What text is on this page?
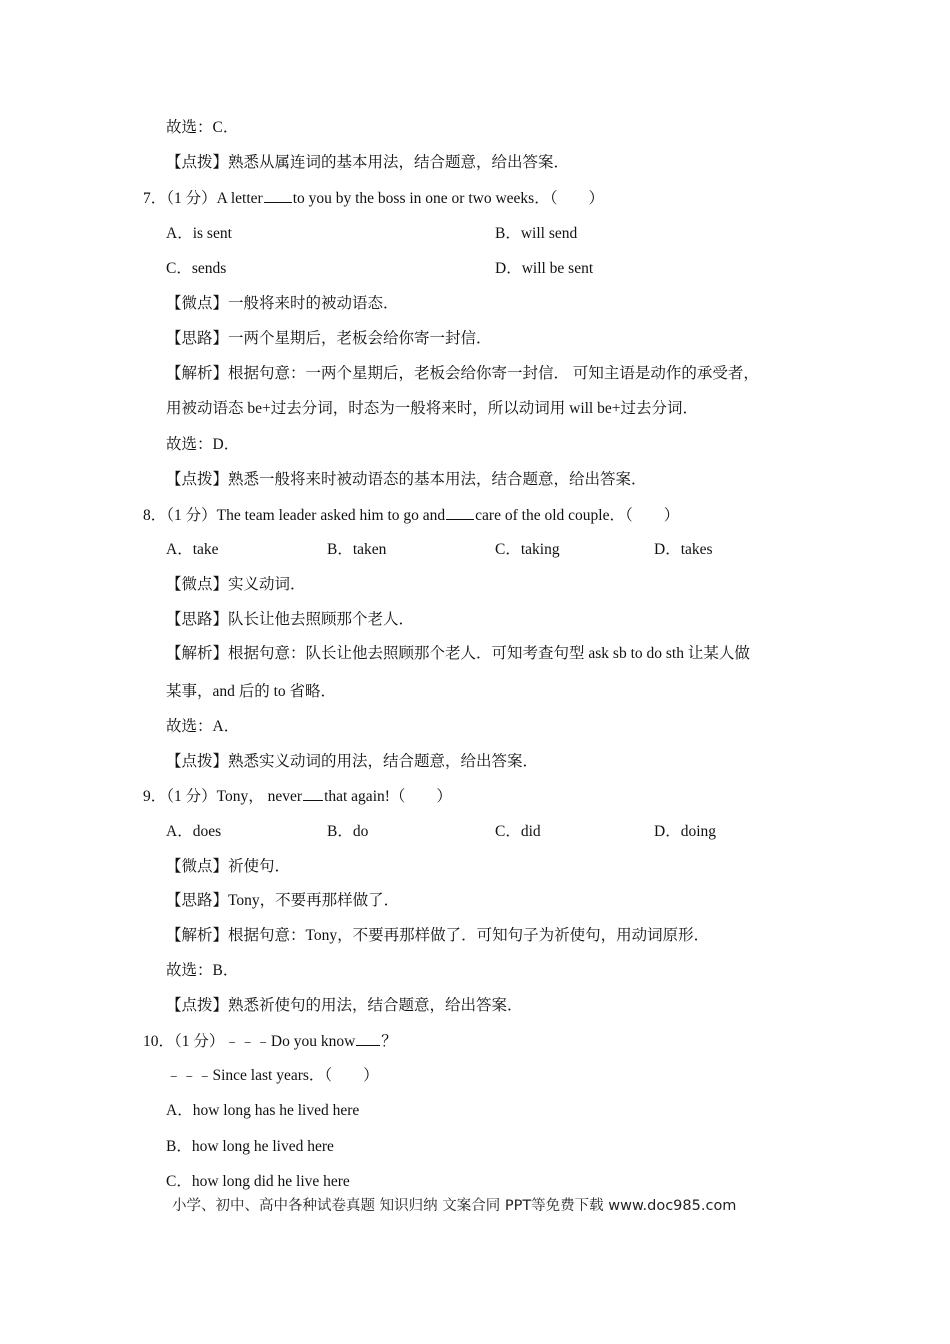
故选：C．
【点拨】熟悉从属连词的基本用法，结合题意，给出答案．
7．（1 分）A letter to you by the boss in one or two weeks．（　　）
A．is sent	B．will send
C．sends	D．will be sent
【微点】一般将来时的被动语态．
【思路】一两个星期后，老板会给你寄一封信．
【解析】根据句意：一两个星期后，老板会给你寄一封信． 可知主语是动作的承受者，
用被动语态 be+过去分词，时态为一般将来时，所以动词用 will be+过去分词．
故选：D．
【点拨】熟悉一般将来时被动语态的基本用法，结合题意，给出答案．
8．（1 分）The team leader asked him to go and care of the old couple．（　　）
A．take	B．taken	C．taking	D．takes
【微点】实义动词．
【思路】队长让他去照顾那个老人．
【解析】根据句意：队长让他去照顾那个老人．可知考查句型 ask sb to do sth 让某人做
某事，and 后的 to 省略．
故选：A．
【点拨】熟悉实义动词的用法，结合题意，给出答案．
9．（1 分）Tony， never that again!（　　）
A．does	B．do	C．did	D．doing
【微点】祈使句．
【思路】Tony，不要再那样做了．
【解析】根据句意：Tony，不要再那样做了．可知句子为祈使句，用动词原形．
故选：B．
【点拨】熟悉祈使句的用法，结合题意，给出答案．
10．（1 分）﹣﹣﹣Do you know ？
﹣﹣﹣Since last years．（　　）
A．how long has he lived here
B．how long he lived here
C．how long did he live here
小学、初中、高中各种试卷真题 知识归纳 文案合同 PPT等免费下载 www.doc985.com
